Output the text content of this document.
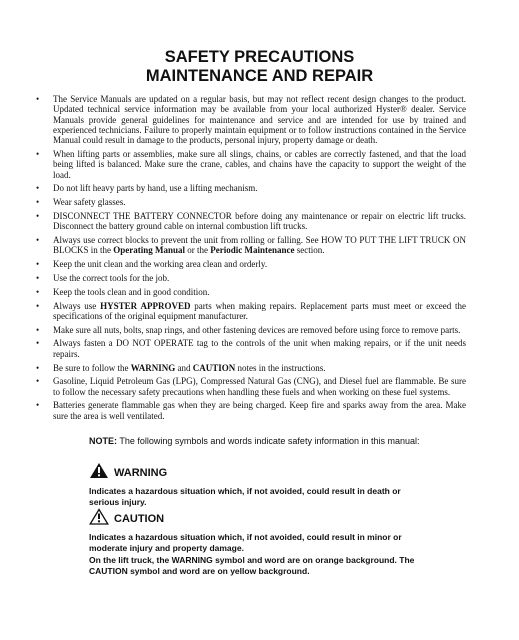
SAFETY PRECAUTIONS
MAINTENANCE AND REPAIR
• The Service Manuals are updated on a regular basis, but may not reflect recent design changes to the product. Updated technical service information may be available from your local authorized Hyster® dealer. Service Manuals provide general guidelines for maintenance and service and are intended for use by trained and experienced technicians. Failure to properly maintain equipment or to follow instructions contained in the Service Manual could result in damage to the products, personal injury, property damage or death.
• When lifting parts or assemblies, make sure all slings, chains, or cables are correctly fastened, and that the load being lifted is balanced. Make sure the crane, cables, and chains have the capacity to support the weight of the load.
• Do not lift heavy parts by hand, use a lifting mechanism.
• Wear safety glasses.
• DISCONNECT THE BATTERY CONNECTOR before doing any maintenance or repair on electric lift trucks. Disconnect the battery ground cable on internal combustion lift trucks.
• Always use correct blocks to prevent the unit from rolling or falling. See HOW TO PUT THE LIFT TRUCK ON BLOCKS in the Operating Manual or the Periodic Maintenance section.
• Keep the unit clean and the working area clean and orderly.
• Use the correct tools for the job.
• Keep the tools clean and in good condition.
• Always use HYSTER APPROVED parts when making repairs. Replacement parts must meet or exceed the specifications of the original equipment manufacturer.
• Make sure all nuts, bolts, snap rings, and other fastening devices are removed before using force to remove parts.
• Always fasten a DO NOT OPERATE tag to the controls of the unit when making repairs, or if the unit needs repairs.
• Be sure to follow the WARNING and CAUTION notes in the instructions.
• Gasoline, Liquid Petroleum Gas (LPG), Compressed Natural Gas (CNG), and Diesel fuel are flammable. Be sure to follow the necessary safety precautions when handling these fuels and when working on these fuel systems.
• Batteries generate flammable gas when they are being charged. Keep fire and sparks away from the area. Make sure the area is well ventilated.
NOTE: The following symbols and words indicate safety information in this manual:
WARNING
Indicates a hazardous situation which, if not avoided, could result in death or serious injury.
CAUTION
Indicates a hazardous situation which, if not avoided, could result in minor or moderate injury and property damage.
On the lift truck, the WARNING symbol and word are on orange background. The CAUTION symbol and word are on yellow background.
